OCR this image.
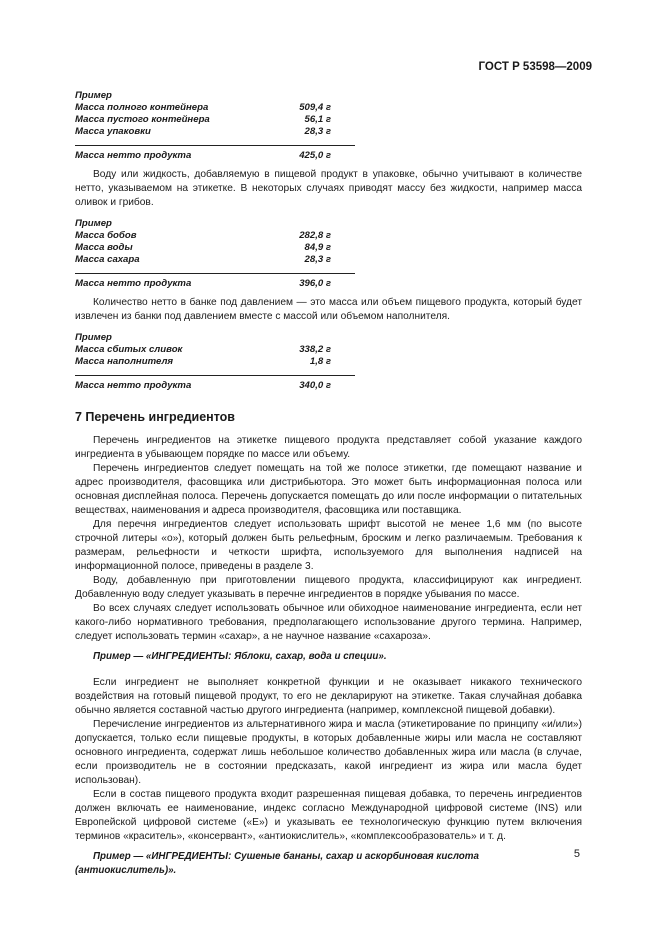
ГОСТ Р 53598—2009
Пример
Масса полного контейнера	509,4 г
Масса пустого контейнера	56,1 г
Масса упаковки	28,3 г
Масса нетто продукта	425,0 г

Воду или жидкость, добавляемую в пищевой продукт в упаковке, обычно учитывают в количестве нетто, указываемом на этикетке. В некоторых случаях приводят массу без жидкости, например масса оливок и грибов.

Пример
Масса бобов	282,8 г
Масса воды	84,9 г
Масса сахара	28,3 г
Масса нетто продукта	396,0 г

Количество нетто в банке под давлением — это масса или объем пищевого продукта, который будет извлечен из банки под давлением вместе с массой или объемом наполнителя.

Пример
Масса сбитых сливок	338,2 г
Масса наполнителя	1,8 г
Масса нетто продукта	340,0 г
7 Перечень ингредиентов

Перечень ингредиентов на этикетке пищевого продукта представляет собой указание каждого ингредиента в убывающем порядке по массе или объему.

Перечень ингредиентов следует помещать на той же полосе этикетки, где помещают название и адрес производителя, фасовщика или дистрибьютора. Это может быть информационная полоса или основная дисплейная полоса. Перечень допускается помещать до или после информации о питательных веществах, наименования и адреса производителя, фасовщика или поставщика.

Для перечня ингредиентов следует использовать шрифт высотой не менее 1,6 мм (по высоте строчной литеры «о»), который должен быть рельефным, броским и легко различаемым. Требования к размерам, рельефности и четкости шрифта, используемого для выполнения надписей на информационной полосе, приведены в разделе 3.

Воду, добавленную при приготовлении пищевого продукта, классифицируют как ингредиент. Добавленную воду следует указывать в перечне ингредиентов в порядке убывания по массе.

Во всех случаях следует использовать обычное или обиходное наименование ингредиента, если нет какого-либо нормативного требования, предполагающего использование другого термина. Например, следует использовать термин «сахар», а не научное название «сахароза».

Пример — «ИНГРЕДИЕНТЫ: Яблоки, сахар, вода и специи».

Если ингредиент не выполняет конкретной функции и не оказывает никакого технического воздействия на готовый пищевой продукт, то его не декларируют на этикетке. Такая случайная добавка обычно является составной частью другого ингредиента (например, комплексной пищевой добавки).

Перечисление ингредиентов из альтернативного жира и масла (этикетирование по принципу «и/или») допускается, только если пищевые продукты, в которых добавленные жиры или масла не составляют основного ингредиента, содержат лишь небольшое количество добавленных жира или масла (в случае, если производитель не в состоянии предсказать, какой ингредиент из жира или масла будет использован).

Если в состав пищевого продукта входит разрешенная пищевая добавка, то перечень ингредиентов должен включать ее наименование, индекс согласно Международной цифровой системе (INS) или Европейской цифровой системе («E») и указывать ее технологическую функцию путем включения терминов «краситель», «консервант», «антиокислитель», «комплексообразователь» и т. д.

Пример — «ИНГРЕДИЕНТЫ: Сушеные бананы, сахар и аскорбиновая кислота (антиокислитель)».
5
